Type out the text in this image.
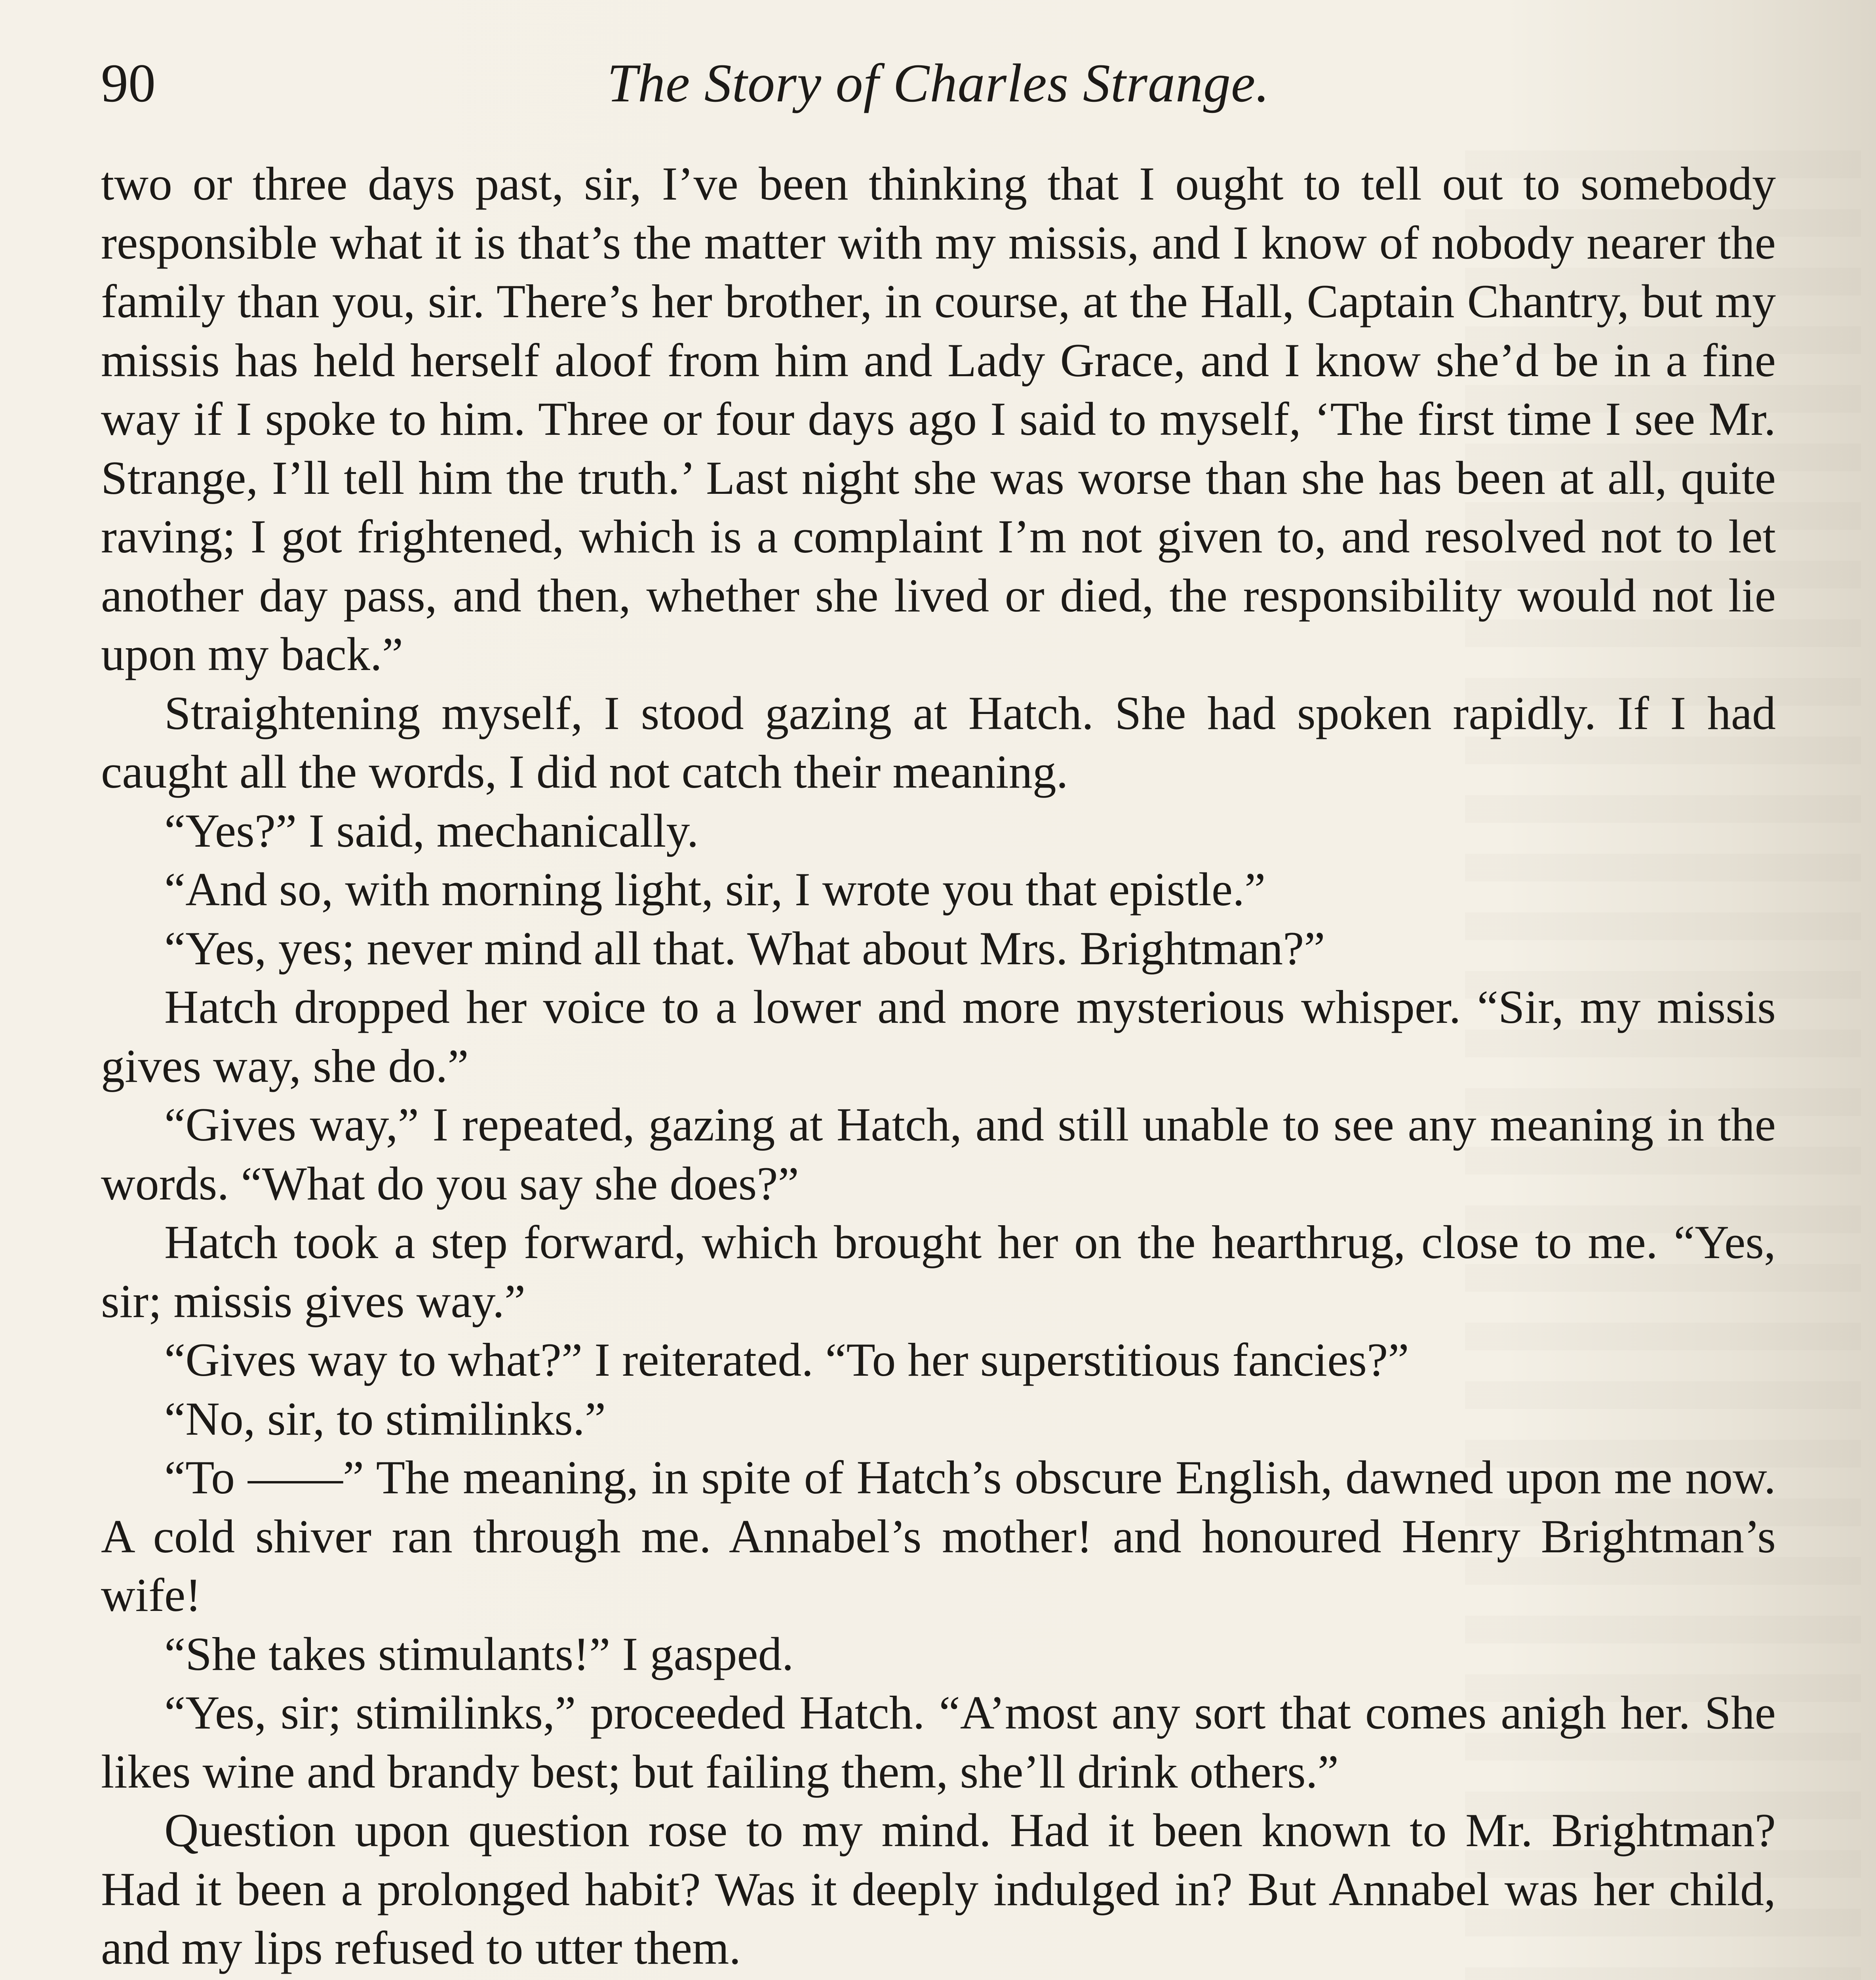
90	The Story of Charles Strange.

two or three days past, sir, I’ve been thinking that I ought to tell out to somebody responsible what it is that’s the matter with my missis, and I know of nobody nearer the family than you, sir. There’s her brother, in course, at the Hall, Captain Chantry, but my missis has held herself aloof from him and Lady Grace, and I know she’d be in a fine way if I spoke to him. Three or four days ago I said to myself, ‘The first time I see Mr. Strange, I’ll tell him the truth.’ Last night she was worse than she has been at all, quite raving; I got frightened, which is a complaint I’m not given to, and resolved not to let another day pass, and then, whether she lived or died, the responsibility would not lie upon my back.”

Straightening myself, I stood gazing at Hatch. She had spoken rapidly. If I had caught all the words, I did not catch their meaning.

“Yes?” I said, mechanically.

“And so, with morning light, sir, I wrote you that epistle.”

“Yes, yes; never mind all that. What about Mrs. Brightman?”

Hatch dropped her voice to a lower and more mysterious whisper. “Sir, my missis gives way, she do.”

“Gives way,” I repeated, gazing at Hatch, and still unable to see any meaning in the words. “What do you say she does?”

Hatch took a step forward, which brought her on the hearthrug, close to me. “Yes, sir; missis gives way.”

“Gives way to what?” I reiterated. “To her superstitious fancies?”

“No, sir, to stimilinks.”

“To ——” The meaning, in spite of Hatch’s obscure English, dawned upon me now. A cold shiver ran through me. Annabel’s mother! and honoured Henry Brightman’s wife!

“She takes stimulants!” I gasped.

“Yes, sir; stimilinks,” proceeded Hatch. “A’most any sort that comes anigh her. She likes wine and brandy best; but failing them, she’ll drink others.”

Question upon question rose to my mind. Had it been known to Mr. Brightman? Had it been a prolonged habit? Was it deeply indulged in? But Annabel was her child, and my lips refused to utter them.
